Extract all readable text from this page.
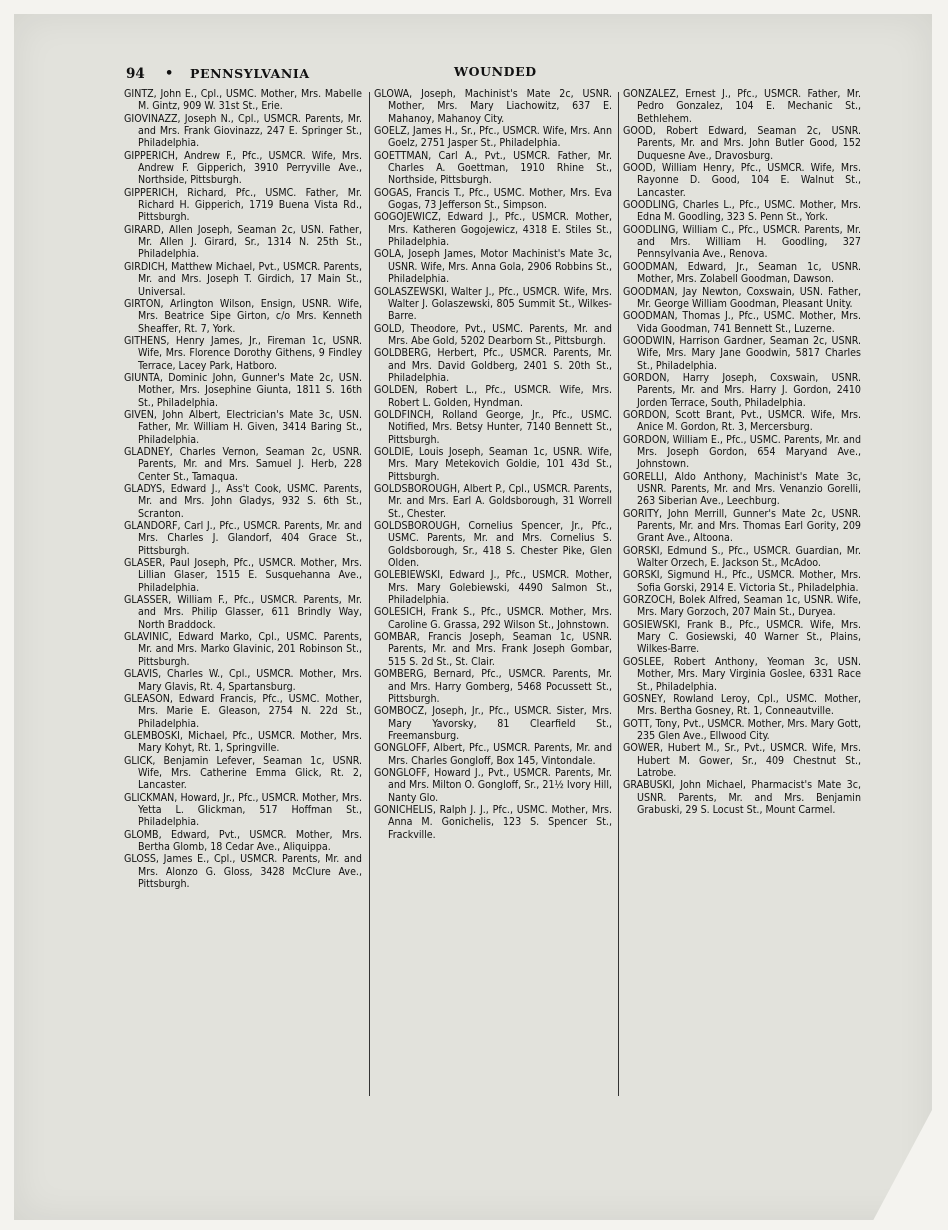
94 • PENNSYLVANIA	WOUNDED

GINTZ, John E., Cpl., USMC. Mother, Mrs. Mabelle M. Gintz, 909 W. 31st St., Erie.

GIOVINAZZ, Joseph N., Cpl., USMCR. Parents, Mr. and Mrs. Frank Giovinazz, 247 E. Springer St., Philadelphia.

GIPPERICH, Andrew F., Pfc., USMCR. Wife, Mrs. Andrew F. Gipperich, 3910 Perryville Ave., Northside, Pittsburgh.

GIPPERICH, Richard, Pfc., USMC. Father, Mr. Richard H. Gipperich, 1719 Buena Vista Rd., Pittsburgh.

GIRARD, Allen Joseph, Seaman 2c, USN. Father, Mr. Allen J. Girard, Sr., 1314 N. 25th St., Philadelphia.

GIRDICH, Matthew Michael, Pvt., USMCR. Parents, Mr. and Mrs. Joseph T. Girdich, 17 Main St., Universal.

GIRTON, Arlington Wilson, Ensign, USNR. Wife, Mrs. Beatrice Sipe Girton, c/o Mrs. Kenneth Sheaffer, Rt. 7, York.

GITHENS, Henry James, Jr., Fireman 1c, USNR. Wife, Mrs. Florence Dorothy Githens, 9 Findley Terrace, Lacey Park, Hatboro.

GIUNTA, Dominic John, Gunner's Mate 2c, USN. Mother, Mrs. Josephine Giunta, 1811 S. 16th St., Philadelphia.

GIVEN, John Albert, Electrician's Mate 3c, USN. Father, Mr. William H. Given, 3414 Baring St., Philadelphia.

GLADNEY, Charles Vernon, Seaman 2c, USNR. Parents, Mr. and Mrs. Samuel J. Herb, 228 Center St., Tamaqua.

GLADYS, Edward J., Ass't Cook, USMC. Parents, Mr. and Mrs. John Gladys, 932 S. 6th St., Scranton.

GLANDORF, Carl J., Pfc., USMCR. Parents, Mr. and Mrs. Charles J. Glandorf, 404 Grace St., Pittsburgh.

GLASER, Paul Joseph, Pfc., USMCR. Mother, Mrs. Lillian Glaser, 1515 E. Susquehanna Ave., Philadelphia.

GLASSER, William F., Pfc., USMCR. Parents, Mr. and Mrs. Philip Glasser, 611 Brindly Way, North Braddock.

GLAVINIC, Edward Marko, Cpl., USMC. Parents, Mr. and Mrs. Marko Glavinic, 201 Robinson St., Pittsburgh.

GLAVIS, Charles W., Cpl., USMCR. Mother, Mrs. Mary Glavis, Rt. 4, Spartansburg.

GLEASON, Edward Francis, Pfc., USMC. Mother, Mrs. Marie E. Gleason, 2754 N. 22d St., Philadelphia.

GLEMBOSKI, Michael, Pfc., USMCR. Mother, Mrs. Mary Kohyt, Rt. 1, Springville.

GLICK, Benjamin Lefever, Seaman 1c, USNR. Wife, Mrs. Catherine Emma Glick, Rt. 2, Lancaster.

GLICKMAN, Howard, Jr., Pfc., USMCR. Mother, Mrs. Yetta L. Glickman, 517 Hoffman St., Philadelphia.

GLOMB, Edward, Pvt., USMCR. Mother, Mrs. Bertha Glomb, 18 Cedar Ave., Aliquippa.

GLOSS, James E., Cpl., USMCR. Parents, Mr. and Mrs. Alonzo G. Gloss, 3428 McClure Ave., Pittsburgh.

GLOWA, Joseph, Machinist's Mate 2c, USNR. Mother, Mrs. Mary Liachowitz, 637 E. Mahanoy, Mahanoy City.

GOELZ, James H., Sr., Pfc., USMCR. Wife, Mrs. Ann Goelz, 2751 Jasper St., Philadelphia.

GOETTMAN, Carl A., Pvt., USMCR. Father, Mr. Charles A. Goettman, 1910 Rhine St., Northside, Pittsburgh.

GOGAS, Francis T., Pfc., USMC. Mother, Mrs. Eva Gogas, 73 Jefferson St., Simpson.

GOGOJEWICZ, Edward J., Pfc., USMCR. Mother, Mrs. Katheren Gogojewicz, 4318 E. Stiles St., Philadelphia.

GOLA, Joseph James, Motor Machinist's Mate 3c, USNR. Wife, Mrs. Anna Gola, 2906 Robbins St., Philadelphia.

GOLASZEWSKI, Walter J., Pfc., USMCR. Wife, Mrs. Walter J. Golaszewski, 805 Summit St., Wilkes-Barre.

GOLD, Theodore, Pvt., USMC. Parents, Mr. and Mrs. Abe Gold, 5202 Dearborn St., Pittsburgh.

GOLDBERG, Herbert, Pfc., USMCR. Parents, Mr. and Mrs. David Goldberg, 2401 S. 20th St., Philadelphia.

GOLDEN, Robert L., Pfc., USMCR. Wife, Mrs. Robert L. Golden, Hyndman.

GOLDFINCH, Rolland George, Jr., Pfc., USMC. Notified, Mrs. Betsy Hunter, 7140 Bennett St., Pittsburgh.

GOLDIE, Louis Joseph, Seaman 1c, USNR. Wife, Mrs. Mary Metekovich Goldie, 101 43d St., Pittsburgh.

GOLDSBOROUGH, Albert P., Cpl., USMCR. Parents, Mr. and Mrs. Earl A. Goldsborough, 31 Worrell St., Chester.

GOLDSBOROUGH, Cornelius Spencer, Jr., Pfc., USMC. Parents, Mr. and Mrs. Cornelius S. Goldsborough, Sr., 418 S. Chester Pike, Glen Olden.

GOLEBIEWSKI, Edward J., Pfc., USMCR. Mother, Mrs. Mary Golebiewski, 4490 Salmon St., Philadelphia.

GOLESICH, Frank S., Pfc., USMCR. Mother, Mrs. Caroline G. Grassa, 292 Wilson St., Johnstown.

GOMBAR, Francis Joseph, Seaman 1c, USNR. Parents, Mr. and Mrs. Frank Joseph Gombar, 515 S. 2d St., St. Clair.

GOMBERG, Bernard, Pfc., USMCR. Parents, Mr. and Mrs. Harry Gomberg, 5468 Pocussett St., Pittsburgh.

GOMBOCZ, Joseph, Jr., Pfc., USMCR. Sister, Mrs. Mary Yavorsky, 81 Clearfield St., Freemansburg.

GONGLOFF, Albert, Pfc., USMCR. Parents, Mr. and Mrs. Charles Gongloff, Box 145, Vintondale.

GONGLOFF, Howard J., Pvt., USMCR. Parents, Mr. and Mrs. Milton O. Gongloff, Sr., 21½ Ivory Hill, Nanty Glo.

GONICHELIS, Ralph J. J., Pfc., USMC. Mother, Mrs. Anna M. Gonichelis, 123 S. Spencer St., Frackville.

GONZALEZ, Ernest J., Pfc., USMCR. Father, Mr. Pedro Gonzalez, 104 E. Mechanic St., Bethlehem.

GOOD, Robert Edward, Seaman 2c, USNR. Parents, Mr. and Mrs. John Butler Good, 152 Duquesne Ave., Dravosburg.

GOOD, William Henry, Pfc., USMCR. Wife, Mrs. Rayonne D. Good, 104 E. Walnut St., Lancaster.

GOODLING, Charles L., Pfc., USMC. Mother, Mrs. Edna M. Goodling, 323 S. Penn St., York.

GOODLING, William C., Pfc., USMCR. Parents, Mr. and Mrs. William H. Goodling, 327 Pennsylvania Ave., Renova.

GOODMAN, Edward, Jr., Seaman 1c, USNR. Mother, Mrs. Zolabell Goodman, Dawson.

GOODMAN, Jay Newton, Coxswain, USN. Father, Mr. George William Goodman, Pleasant Unity.

GOODMAN, Thomas J., Pfc., USMC. Mother, Mrs. Vida Goodman, 741 Bennett St., Luzerne.

GOODWIN, Harrison Gardner, Seaman 2c, USNR. Wife, Mrs. Mary Jane Goodwin, 5817 Charles St., Philadelphia.

GORDON, Harry Joseph, Coxswain, USNR. Parents, Mr. and Mrs. Harry J. Gordon, 2410 Jorden Terrace, South, Philadelphia.

GORDON, Scott Brant, Pvt., USMCR. Wife, Mrs. Anice M. Gordon, Rt. 3, Mercersburg.

GORDON, William E., Pfc., USMC. Parents, Mr. and Mrs. Joseph Gordon, 654 Maryand Ave., Johnstown.

GORELLI, Aldo Anthony, Machinist's Mate 3c, USNR. Parents, Mr. and Mrs. Venanzio Gorelli, 263 Siberian Ave., Leechburg.

GORITY, John Merrill, Gunner's Mate 2c, USNR. Parents, Mr. and Mrs. Thomas Earl Gority, 209 Grant Ave., Altoona.

GORSKI, Edmund S., Pfc., USMCR. Guardian, Mr. Walter Orzech, E. Jackson St., McAdoo.

GORSKI, Sigmund H., Pfc., USMCR. Mother, Mrs. Sofia Gorski, 2914 E. Victoria St., Philadelphia.

GORZOCH, Bolek Alfred, Seaman 1c, USNR. Wife, Mrs. Mary Gorzoch, 207 Main St., Duryea.

GOSIEWSKI, Frank B., Pfc., USMCR. Wife, Mrs. Mary C. Gosiewski, 40 Warner St., Plains, Wilkes-Barre.

GOSLEE, Robert Anthony, Yeoman 3c, USN. Mother, Mrs. Mary Virginia Goslee, 6331 Race St., Philadelphia.

GOSNEY, Rowland Leroy, Cpl., USMC. Mother, Mrs. Bertha Gosney, Rt. 1, Conneautville.

GOTT, Tony, Pvt., USMCR. Mother, Mrs. Mary Gott, 235 Glen Ave., Ellwood City.

GOWER, Hubert M., Sr., Pvt., USMCR. Wife, Mrs. Hubert M. Gower, Sr., 409 Chestnut St., Latrobe.

GRABUSKI, John Michael, Pharmacist's Mate 3c, USNR. Parents, Mr. and Mrs. Benjamin Grabuski, 29 S. Locust St., Mount Carmel.
